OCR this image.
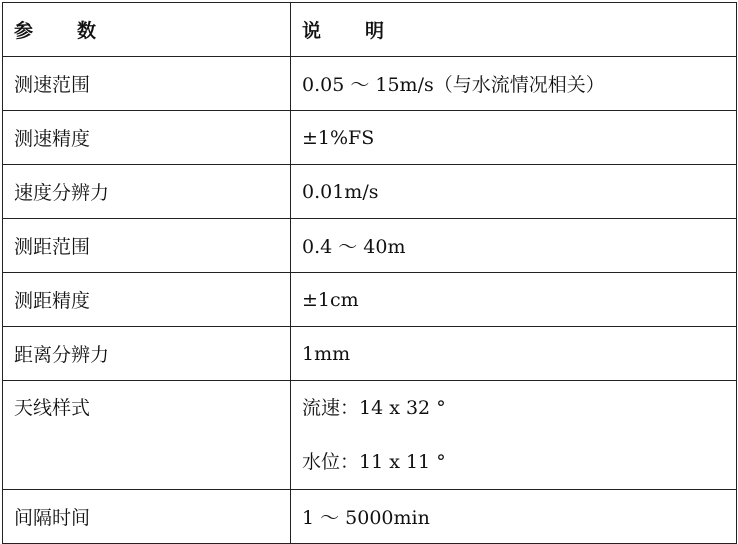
参　　数	说　　明
测速范围	0.05 ～ 15m/s（与水流情况相关）
测速精度	±1%FS
速度分辨力	0.01m/s
测距范围	0.4 ～ 40m
测距精度	±1cm
距离分辨力	1mm

天线样式	流速：14 x 32 °
水位：11 x 11 °

间隔时间	1 ～ 5000min
